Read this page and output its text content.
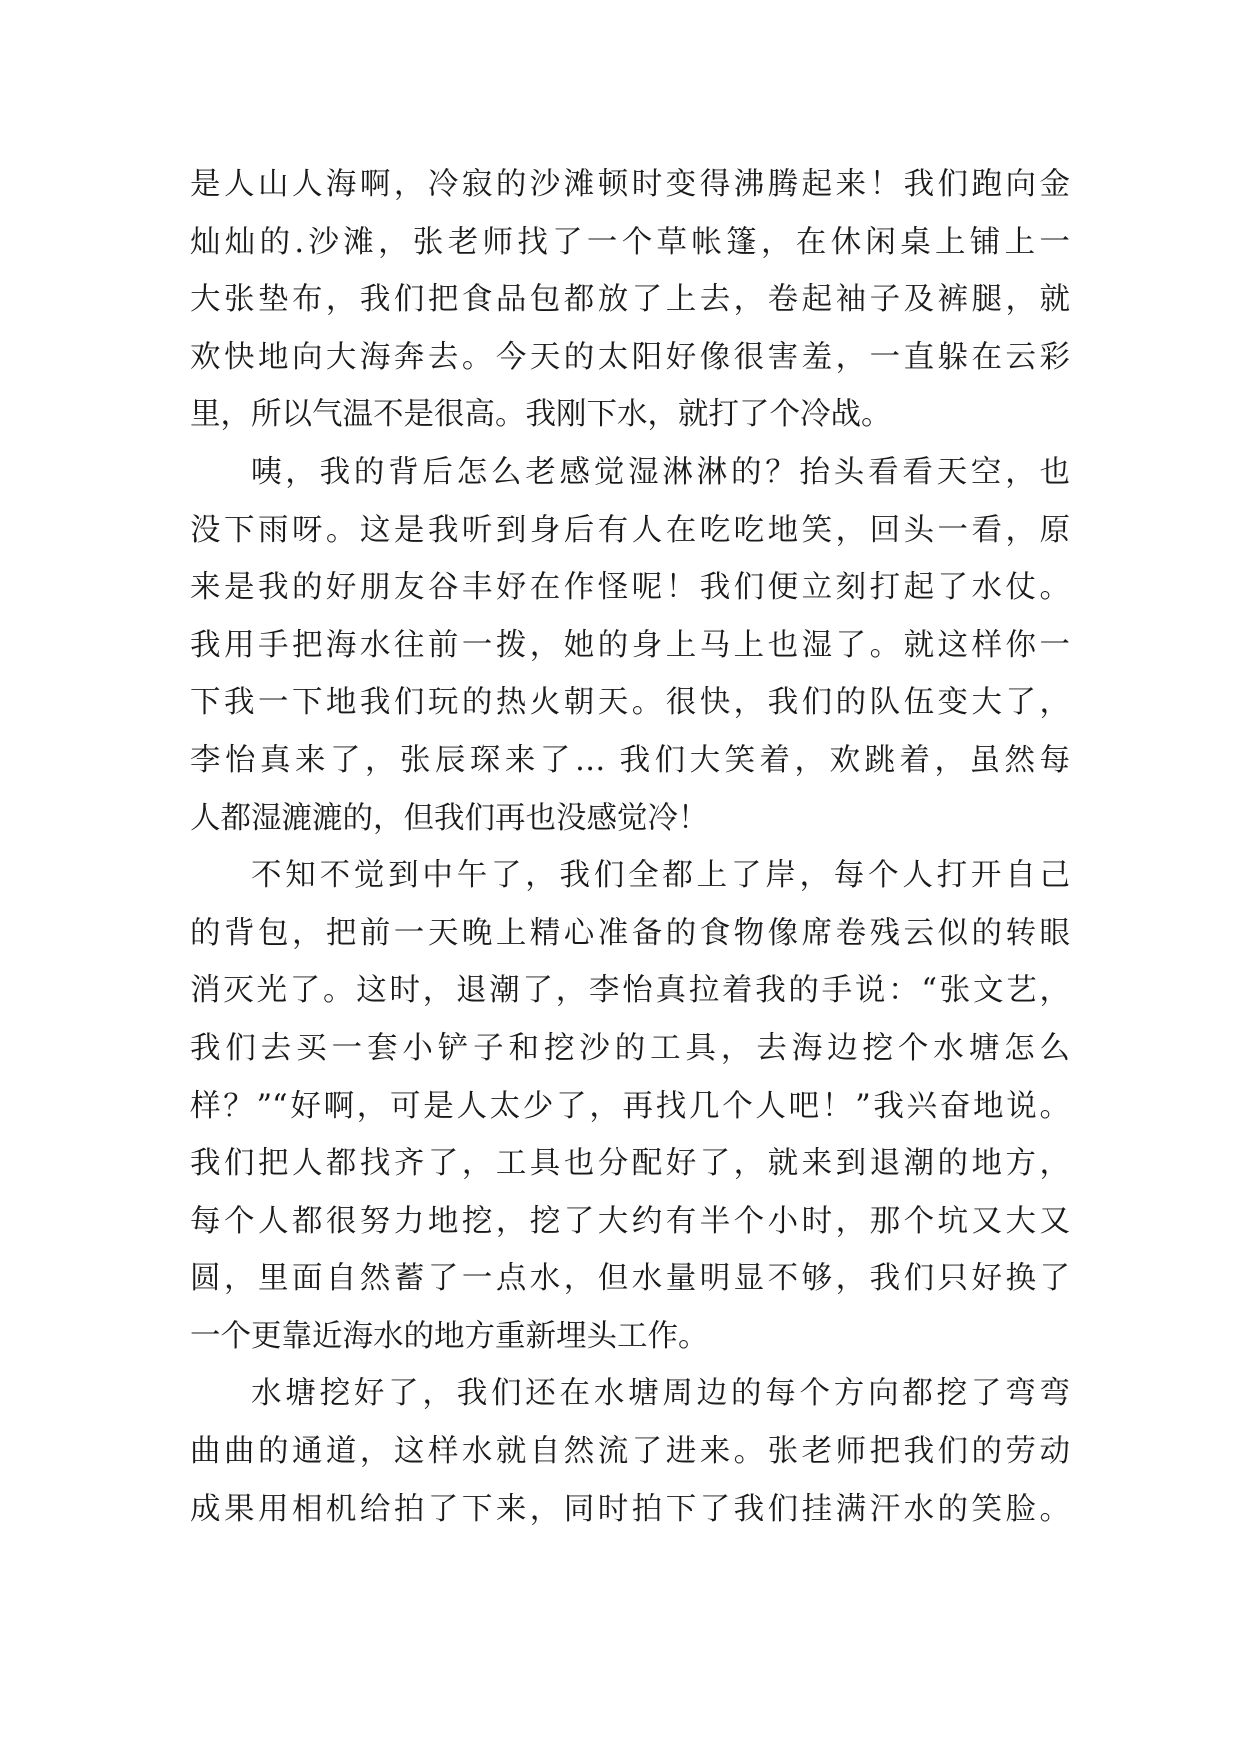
是人山人海啊，冷寂的沙滩顿时变得沸腾起来！我们跑向金
灿灿的.沙滩，张老师找了一个草帐篷，在休闲桌上铺上一
大张垫布，我们把食品包都放了上去，卷起袖子及裤腿，就
欢快地向大海奔去。今天的太阳好像很害羞，一直躲在云彩
里，所以气温不是很高。我刚下水，就打了个冷战。
咦，我的背后怎么老感觉湿淋淋的？抬头看看天空，也
没下雨呀。这是我听到身后有人在吃吃地笑，回头一看，原
来是我的好朋友谷丰妤在作怪呢！我们便立刻打起了水仗。
我用手把海水往前一拨，她的身上马上也湿了。就这样你一
下我一下地我们玩的热火朝天。很快，我们的队伍变大了，
李怡真来了，张辰琛来了… 我们大笑着，欢跳着，虽然每
人都湿漉漉的，但我们再也没感觉冷！
不知不觉到中午了，我们全都上了岸，每个人打开自己
的背包，把前一天晚上精心准备的食物像席卷残云似的转眼
消灭光了。这时，退潮了，李怡真拉着我的手说：“张文艺，
我们去买一套小铲子和挖沙的工具，去海边挖个水塘怎么
样？”“好啊，可是人太少了，再找几个人吧！”我兴奋地说。
我们把人都找齐了，工具也分配好了，就来到退潮的地方，
每个人都很努力地挖，挖了大约有半个小时，那个坑又大又
圆，里面自然蓄了一点水，但水量明显不够，我们只好换了
一个更靠近海水的地方重新埋头工作。
水塘挖好了，我们还在水塘周边的每个方向都挖了弯弯
曲曲的通道，这样水就自然流了进来。张老师把我们的劳动
成果用相机给拍了下来，同时拍下了我们挂满汗水的笑脸。
